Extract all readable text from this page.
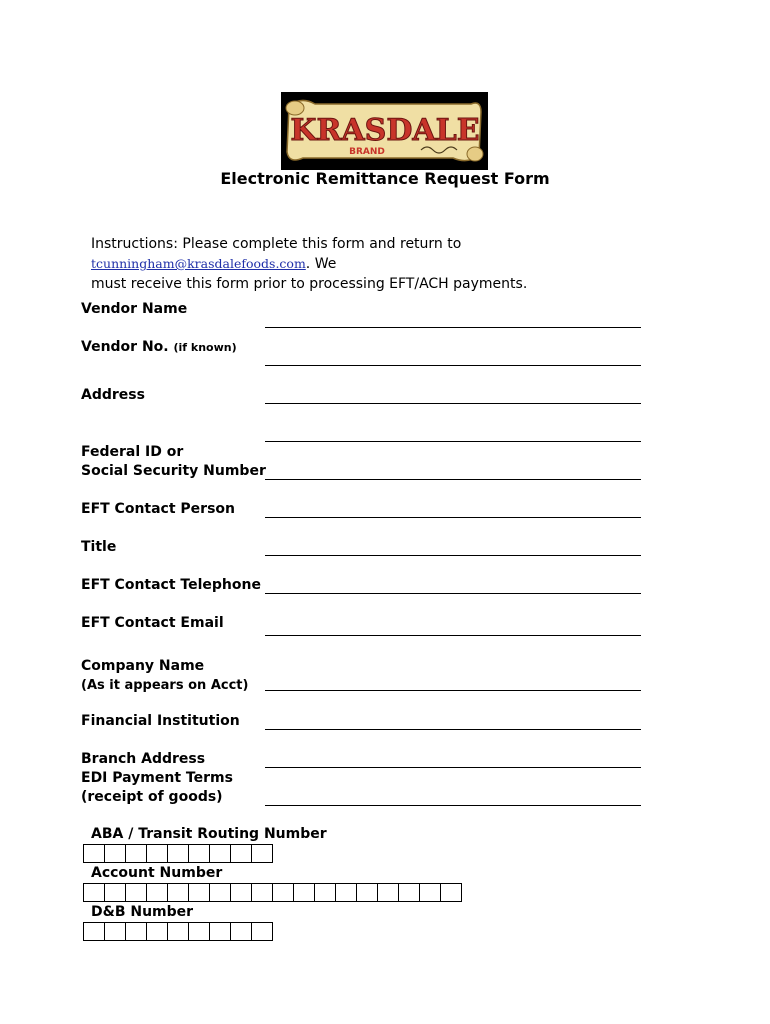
KRASDALE
BRAND
Electronic Remittance Request Form
Instructions: Please complete this form and return to tcunningham@krasdalefoods.com. We
must receive this form prior to processing EFT/ACH payments.
Vendor Name
Vendor No. (if known)
Address
Federal ID or
Social Security Number
EFT Contact Person
Title
EFT Contact Telephone
EFT Contact Email
Company Name
(As it appears on Acct)
Financial Institution
Branch Address
EDI Payment Terms
(receipt of goods)
ABA / Transit Routing Number
Account Number
D&B Number
